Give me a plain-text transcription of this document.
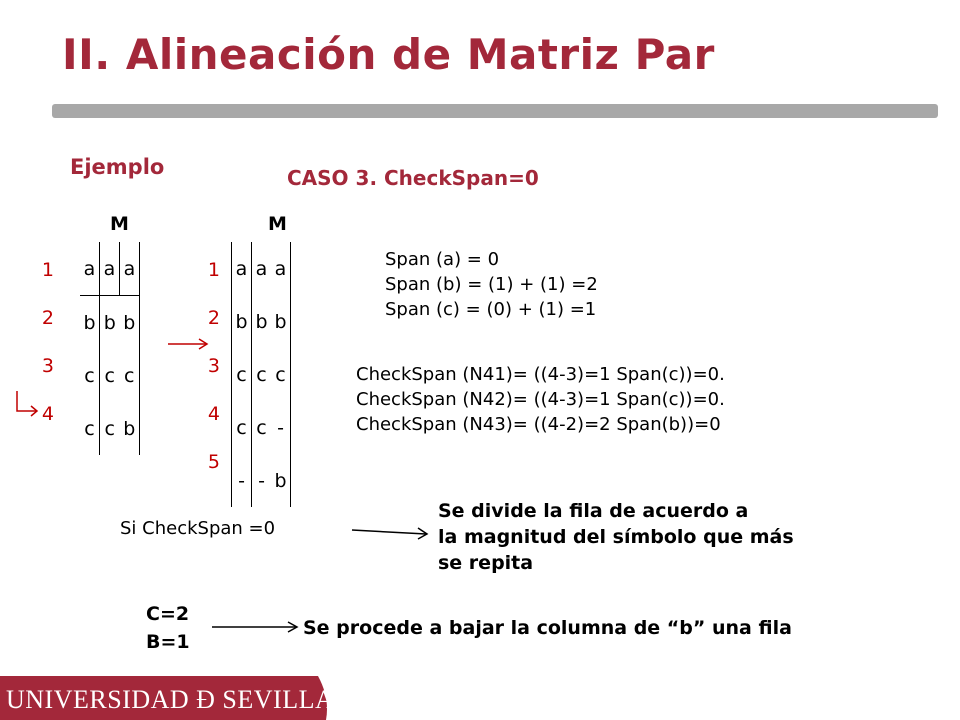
II. Alineación de Matriz Par
Ejemplo	CASO 3. CheckSpan=0
M
1
2
3
4
a	a	a
b	b	b
c	c	c
c	c	b
M
1
2
3
4
5
a	a	a
b	b	b
c	c	c
c	c	-
-	-	b
Span (a) = 0
Span (b) = (1) + (1) =2
Span (c) = (0) + (1) =1
CheckSpan (N41)= ((4-3)=1 Span(c))=0.
CheckSpan (N42)= ((4-3)=1 Span(c))=0.
CheckSpan (N43)= ((4-2)=2 Span(b))=0
Si CheckSpan =0
Se divide la fila de acuerdo a
la magnitud del símbolo que más
se repita
C=2
B=1
Se procede a bajar la columna de “b” una fila
UNIVERSIDAD Ð SEVILLA
